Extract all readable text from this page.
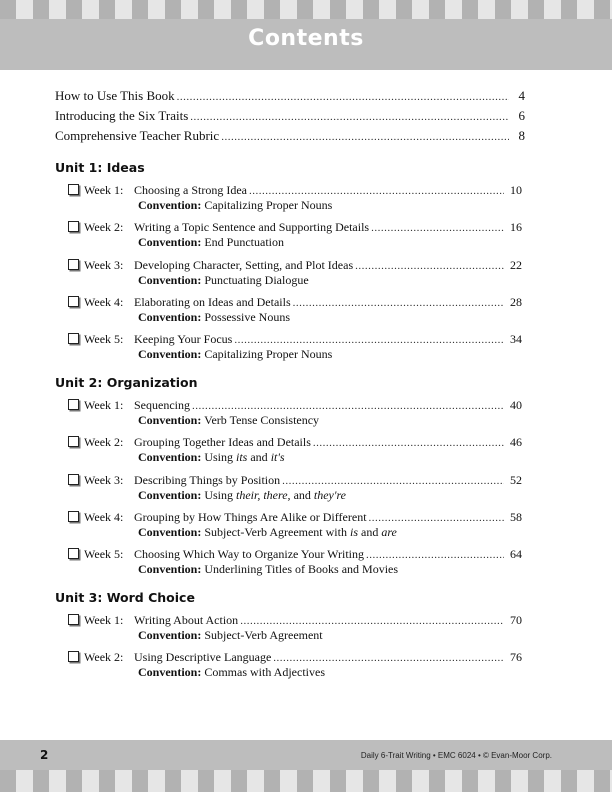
Contents
How to Use This Book .....	4
Introducing the Six Traits .....	6
Comprehensive Teacher Rubric .....	8
Unit 1: Ideas
Week 1: Choosing a Strong Idea .....	10
Convention: Capitalizing Proper Nouns
Week 2: Writing a Topic Sentence and Supporting Details .....	16
Convention: End Punctuation
Week 3: Developing Character, Setting, and Plot Ideas .....	22
Convention: Punctuating Dialogue
Week 4: Elaborating on Ideas and Details .....	28
Convention: Possessive Nouns
Week 5: Keeping Your Focus .....	34
Convention: Capitalizing Proper Nouns
Unit 2: Organization
Week 1: Sequencing .....	40
Convention: Verb Tense Consistency
Week 2: Grouping Together Ideas and Details .....	46
Convention: Using its and it's
Week 3: Describing Things by Position .....	52
Convention: Using their, there, and they're
Week 4: Grouping by How Things Are Alike or Different .....	58
Convention: Subject-Verb Agreement with is and are
Week 5: Choosing Which Way to Organize Your Writing .....	64
Convention: Underlining Titles of Books and Movies
Unit 3: Word Choice
Week 1: Writing About Action .....	70
Convention: Subject-Verb Agreement
Week 2: Using Descriptive Language .....	76
Convention: Commas with Adjectives
2	Daily 6-Trait Writing • EMC 6024 • © Evan-Moor Corp.
